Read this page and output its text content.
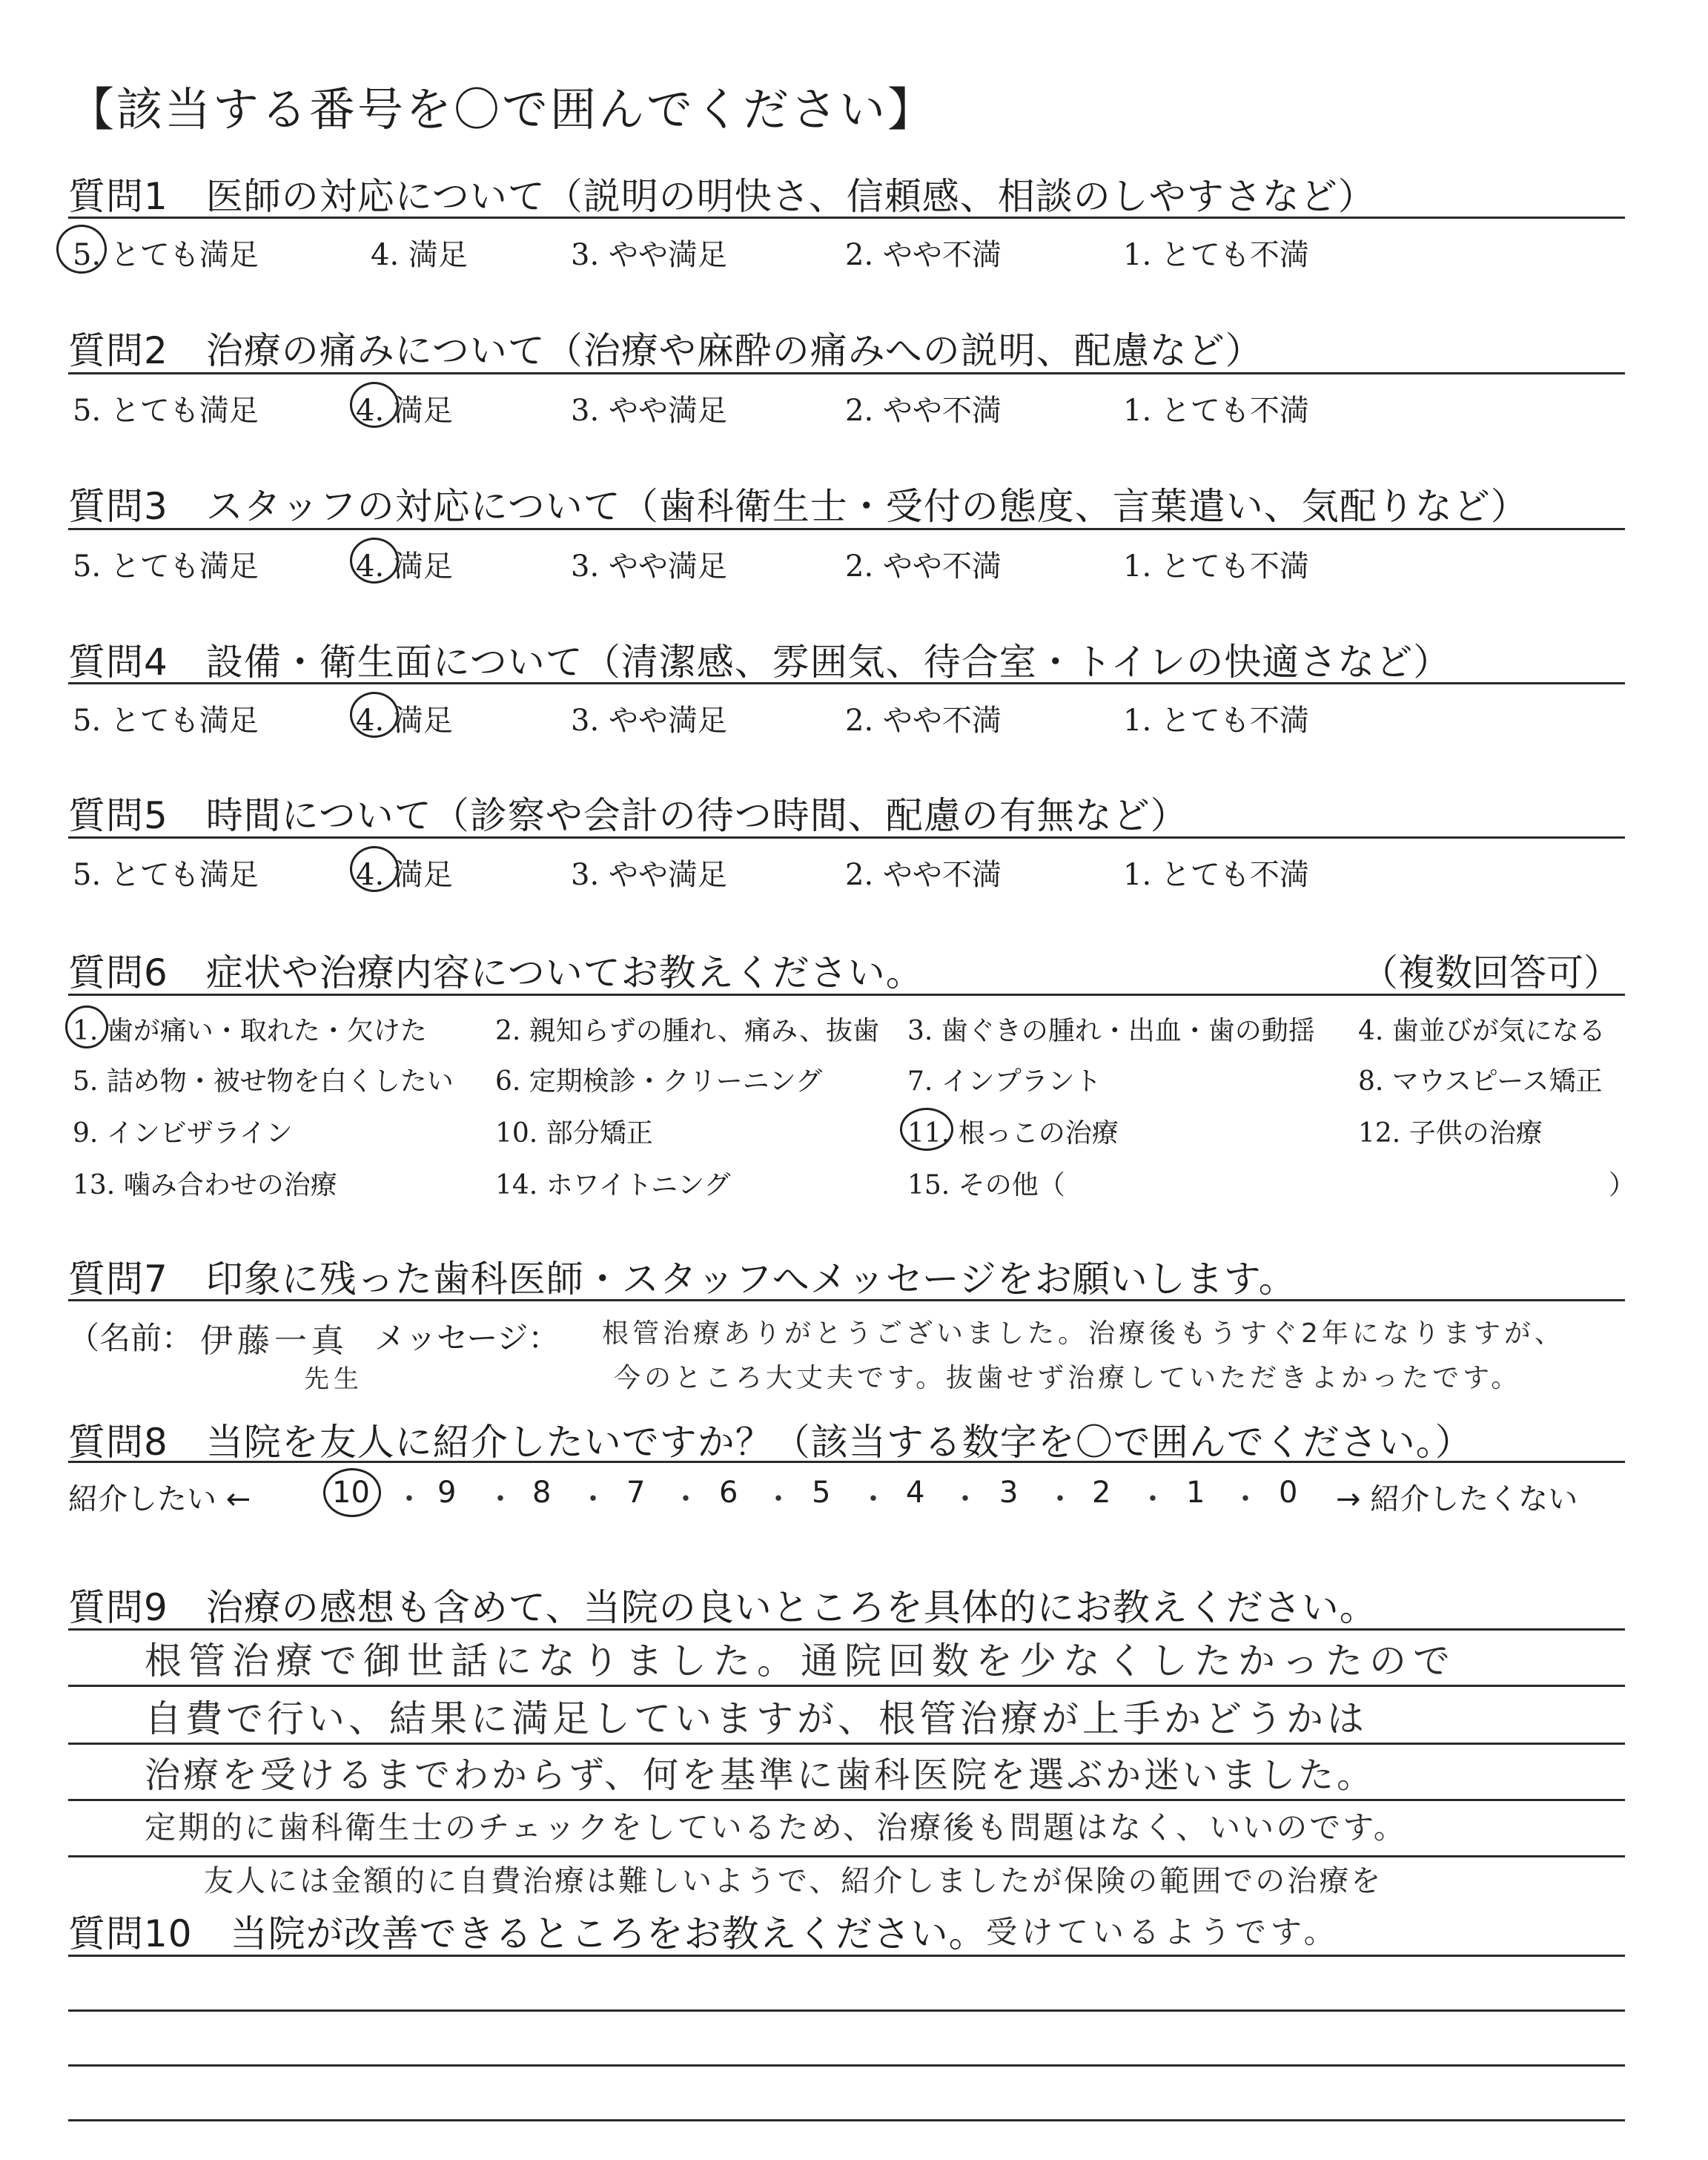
【該当する番号を〇で囲んでください】
質問1　医師の対応について（説明の明快さ、信頼感、相談のしやすさなど）
5. とても満足	4. 満足	3. やや満足	2. やや不満	1. とても不満
質問2　治療の痛みについて（治療や麻酔の痛みへの説明、配慮など）
5. とても満足	4. 満足	3. やや満足	2. やや不満	1. とても不満
質問3　スタッフの対応について（歯科衛生士・受付の態度、言葉遣い、気配りなど）
5. とても満足	4. 満足	3. やや満足	2. やや不満	1. とても不満
質問4　設備・衛生面について（清潔感、雰囲気、待合室・トイレの快適さなど）
5. とても満足	4. 満足	3. やや満足	2. やや不満	1. とても不満
質問5　時間について（診察や会計の待つ時間、配慮の有無など）
5. とても満足	4. 満足	3. やや満足	2. やや不満	1. とても不満
質問6　症状や治療内容についてお教えください。	（複数回答可）
1. 歯が痛い・取れた・欠けた	2. 親知らずの腫れ、痛み、抜歯 3. 歯ぐきの腫れ・出血・歯の動揺 4. 歯並びが気になる
5. 詰め物・被せ物を白くしたい 6. 定期検診・クリーニング	7. インプラント	8. マウスピース矯正
9. インビザライン	10. 部分矯正	11. 根っこの治療	12. 子供の治療
13. 噛み合わせの治療	14. ホワイトニング	15. その他（	）
質問7　印象に残った歯科医師・スタッフへメッセージをお願いします。
（名前： 伊藤一真
先生
メッセージ： 根管治療ありがとうございました。治療後もうすぐ2年になりますが、
今のところ大丈夫です。抜歯せず治療していただきよかったです。
質問8　当院を友人に紹介したいですか？（該当する数字を〇で囲んでください。）
紹介したい ←	10 ・ 9 ・ 8 ・ 7 ・ 6 ・ 5 ・ 4 ・ 3 ・ 2 ・ 1 ・ 0 → 紹介したくない
質問9　治療の感想も含めて、当院の良いところを具体的にお教えください。
根管治療で御世話になりました。通院回数を少なくしたかったので
自費で行い、結果に満足していますが、根管治療が上手かどうかは
治療を受けるまでわからず、何を基準に歯科医院を選ぶか迷いました。
定期的に歯科衛生士のチェックをしているため、治療後も問題はなく、いいのです。
友人には金額的に自費治療は難しいようで、紹介しましたが保険の範囲での治療を
受けているようです。
質問10　当院が改善できるところをお教えください。
